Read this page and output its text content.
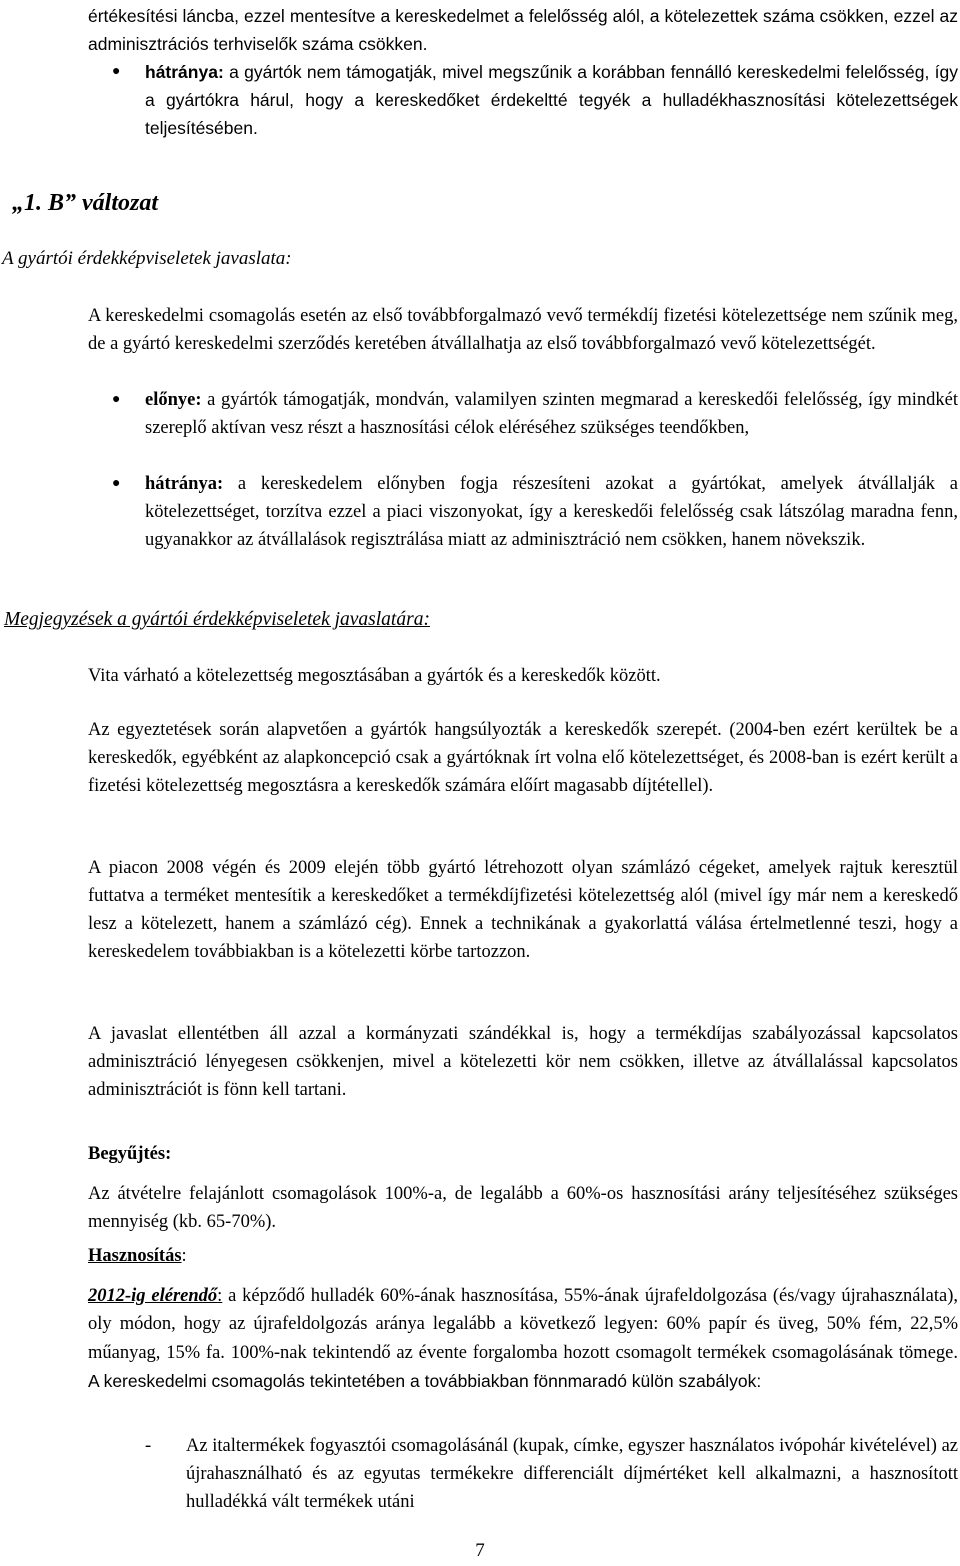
értékesítési láncba, ezzel mentesítve a kereskedelmet a felelősség alól, a kötelezettek száma csökken, ezzel az adminisztrációs terhviselők száma csökken.

● hátránya: a gyártók nem támogatják, mivel megszűnik a korábban fennálló kereskedelmi felelősség, így a gyártókra hárul, hogy a kereskedőket érdekeltté tegyék a hulladékhasznosítási kötelezettségek teljesítésében.

„1. B” változat

A gyártói érdekképviseletek javaslata:

A kereskedelmi csomagolás esetén az első továbbforgalmazó vevő termékdíj fizetési kötelezettsége nem szűnik meg, de a gyártó kereskedelmi szerződés keretében átvállalhatja az első továbbforgalmazó vevő kötelezettségét.

● előnye: a gyártók támogatják, mondván, valamilyen szinten megmarad a kereskedői felelősség, így mindkét szereplő aktívan vesz részt a hasznosítási célok eléréséhez szükséges teendőkben,

● hátránya: a kereskedelem előnyben fogja részesíteni azokat a gyártókat, amelyek átvállalják a kötelezettséget, torzítva ezzel a piaci viszonyokat, így a kereskedői felelősség csak látszólag maradna fenn, ugyanakkor az átvállalások regisztrálása miatt az adminisztráció nem csökken, hanem növekszik.

Megjegyzések a gyártói érdekképviseletek javaslatára:

Vita várható a kötelezettség megosztásában a gyártók és a kereskedők között.

Az egyeztetések során alapvetően a gyártók hangsúlyozták a kereskedők szerepét. (2004-ben ezért kerültek be a kereskedők, egyébként az alapkoncepció csak a gyártóknak írt volna elő kötelezettséget, és 2008-ban is ezért került a fizetési kötelezettség megosztásra a kereskedők számára előírt magasabb díjtétellel).

A piacon 2008 végén és 2009 elején több gyártó létrehozott olyan számlázó cégeket, amelyek rajtuk keresztül futtatva a terméket mentesítik a kereskedőket a termékdíjfizetési kötelezettség alól (mivel így már nem a kereskedő lesz a kötelezett, hanem a számlázó cég). Ennek a technikának a gyakorlattá válása értelmetlenné teszi, hogy a kereskedelem továbbiakban is a kötelezetti körbe tartozzon.

A javaslat ellentétben áll azzal a kormányzati szándékkal is, hogy a termékdíjas szabályozással kapcsolatos adminisztráció lényegesen csökkenjen, mivel a kötelezetti kör nem csökken, illetve az átvállalással kapcsolatos adminisztrációt is fönn kell tartani.

Begyűjtés:

Az átvételre felajánlott csomagolások 100%-a, de legalább a 60%-os hasznosítási arány teljesítéséhez szükséges mennyiség (kb. 65-70%).

Hasznosítás:

2012-ig elérendő: a képződő hulladék 60%-ának hasznosítása, 55%-ának újrafeldolgozása (és/vagy újrahasználata), oly módon, hogy az újrafeldolgozás aránya legalább a következő legyen: 60% papír és üveg, 50% fém, 22,5% műanyag, 15% fa. 100%-nak tekintendő az évente forgalomba hozott csomagolt termékek csomagolásának tömege. A kereskedelmi csomagolás tekintetében a továbbiakban fönnmaradó külön szabályok:

- Az italtermékek fogyasztói csomagolásánál (kupak, címke, egyszer használatos ivópohár kivételével) az újrahasználható és az egyutas termékekre differenciált díjmértéket kell alkalmazni, a hasznosított hulladékká vált termékek utáni

7
